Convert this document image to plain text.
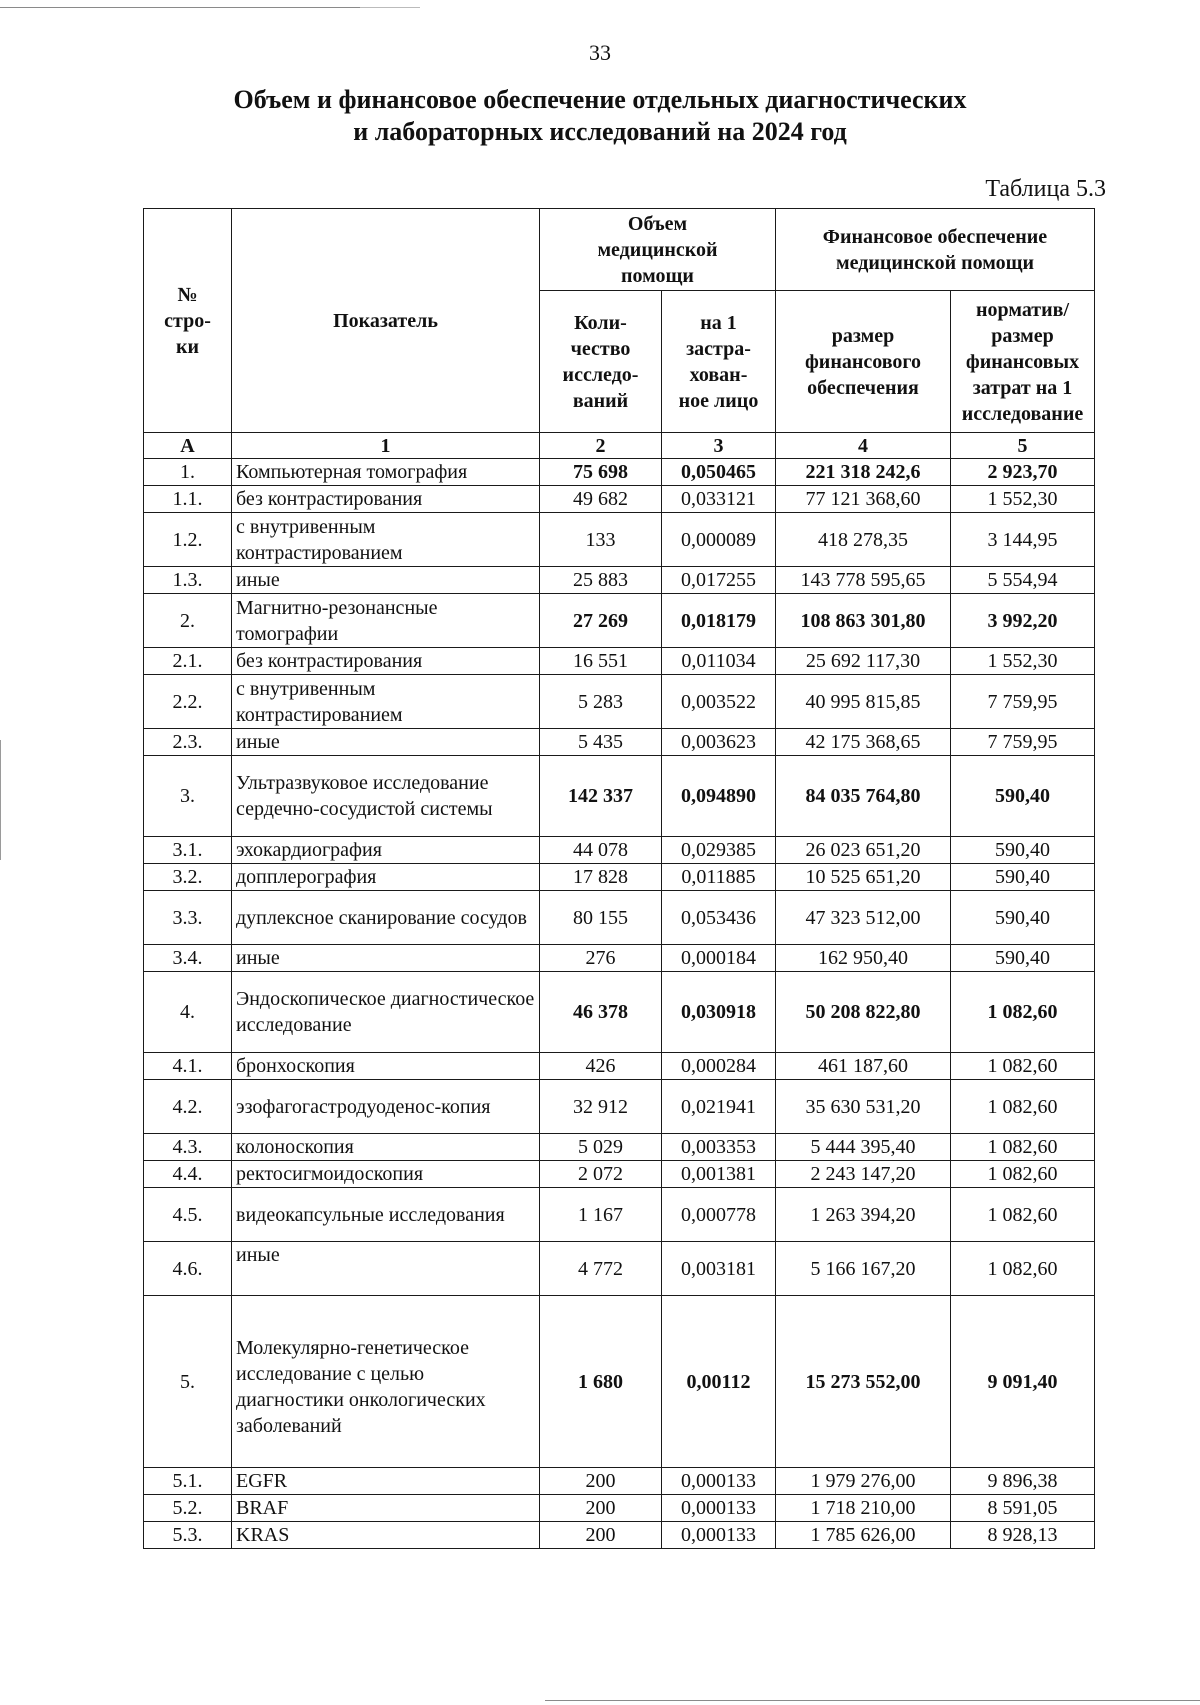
33
Объем и финансовое обеспечение отдельных диагностических
и лабораторных исследований на 2024 год
Таблица 5.3
№ стро-ки	Показатель	Объем медицинской помощи		Финансовое обеспечение медицинской помощи	
		Коли-чество исследо-ваний	на 1 застра-хован-ное лицо	размер финансового обеспечения	норматив/ размер финансовых затрат на 1 исследование
А	1	2	3	4	5
1.	Компьютерная томография	75 698	0,050465	221 318 242,6	2 923,70
1.1.	без контрастирования	49 682	0,033121	77 121 368,60	1 552,30
1.2.	с внутривенным контрастированием	133	0,000089	418 278,35	3 144,95
1.3.	иные	25 883	0,017255	143 778 595,65	5 554,94
2.	Магнитно-резонансные томографии	27 269	0,018179	108 863 301,80	3 992,20
2.1.	без контрастирования	16 551	0,011034	25 692 117,30	1 552,30
2.2.	с внутривенным контрастированием	5 283	0,003522	40 995 815,85	7 759,95
2.3.	иные	5 435	0,003623	42 175 368,65	7 759,95
3.	Ультразвуковое исследование сердечно-сосудистой системы	142 337	0,094890	84 035 764,80	590,40
3.1.	эхокардиография	44 078	0,029385	26 023 651,20	590,40
3.2.	допплерография	17 828	0,011885	10 525 651,20	590,40
3.3.	дуплексное сканирование сосудов	80 155	0,053436	47 323 512,00	590,40
3.4.	иные	276	0,000184	162 950,40	590,40
4.	Эндоскопическое диагностическое исследование	46 378	0,030918	50 208 822,80	1 082,60
4.1.	бронхоскопия	426	0,000284	461 187,60	1 082,60
4.2.	эзофагогастродуоденос-копия	32 912	0,021941	35 630 531,20	1 082,60
4.3.	колоноскопия	5 029	0,003353	5 444 395,40	1 082,60
4.4.	ректосигмоидоскопия	2 072	0,001381	2 243 147,20	1 082,60
4.5.	видеокапсульные исследования	1 167	0,000778	1 263 394,20	1 082,60
4.6.	иные	4 772	0,003181	5 166 167,20	1 082,60
5.	Молекулярно-генетическое исследование с целью диагностики онкологических заболеваний	1 680	0,00112	15 273 552,00	9 091,40
5.1.	EGFR	200	0,000133	1 979 276,00	9 896,38
5.2.	BRAF	200	0,000133	1 718 210,00	8 591,05
5.3.	KRAS	200	0,000133	1 785 626,00	8 928,13
